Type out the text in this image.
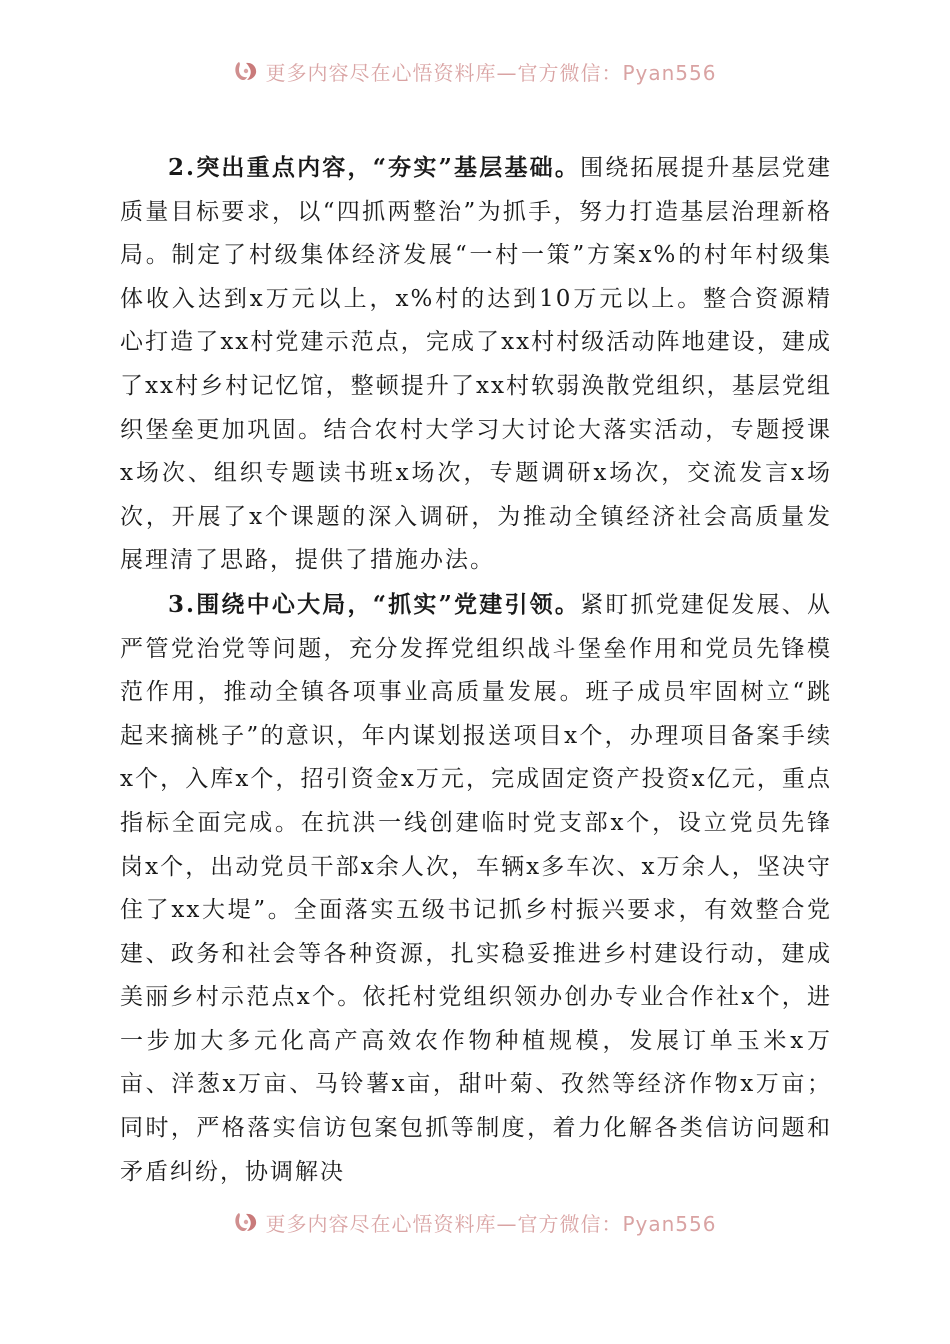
更多内容尽在心悟资料库—官方微信：Pyan556

2.突出重点内容，“夯实”基层基础。围绕拓展提升基层党建质量目标要求，以“四抓两整治”为抓手，努力打造基层治理新格局。制定了村级集体经济发展“一村一策”方案x%的村年村级集体收入达到x万元以上，x%村的达到10万元以上。整合资源精心打造了xx村党建示范点，完成了xx村村级活动阵地建设，建成了xx村乡村记忆馆，整顿提升了xx村软弱涣散党组织，基层党组织堡垒更加巩固。结合农村大学习大讨论大落实活动，专题授课x场次、组织专题读书班x场次，专题调研x场次，交流发言x场次，开展了x个课题的深入调研，为推动全镇经济社会高质量发展理清了思路，提供了措施办法。

3.围绕中心大局，“抓实”党建引领。紧盯抓党建促发展、从严管党治党等问题，充分发挥党组织战斗堡垒作用和党员先锋模范作用，推动全镇各项事业高质量发展。班子成员牢固树立“跳起来摘桃子”的意识，年内谋划报送项目x个，办理项目备案手续x个，入库x个，招引资金x万元，完成固定资产投资x亿元，重点指标全面完成。在抗洪一线创建临时党支部x个，设立党员先锋岗x个，出动党员干部x余人次，车辆x多车次、x万余人，坚决守住了xx大堤”。全面落实五级书记抓乡村振兴要求，有效整合党建、政务和社会等各种资源，扎实稳妥推进乡村建设行动，建成美丽乡村示范点x个。依托村党组织领办创办专业合作社x个，进一步加大多元化高产高效农作物种植规模，发展订单玉米x万亩、洋葱x万亩、马铃薯x亩，甜叶菊、孜然等经济作物x万亩；同时，严格落实信访包案包抓等制度，着力化解各类信访问题和矛盾纠纷，协调解决

更多内容尽在心悟资料库—官方微信：Pyan556
